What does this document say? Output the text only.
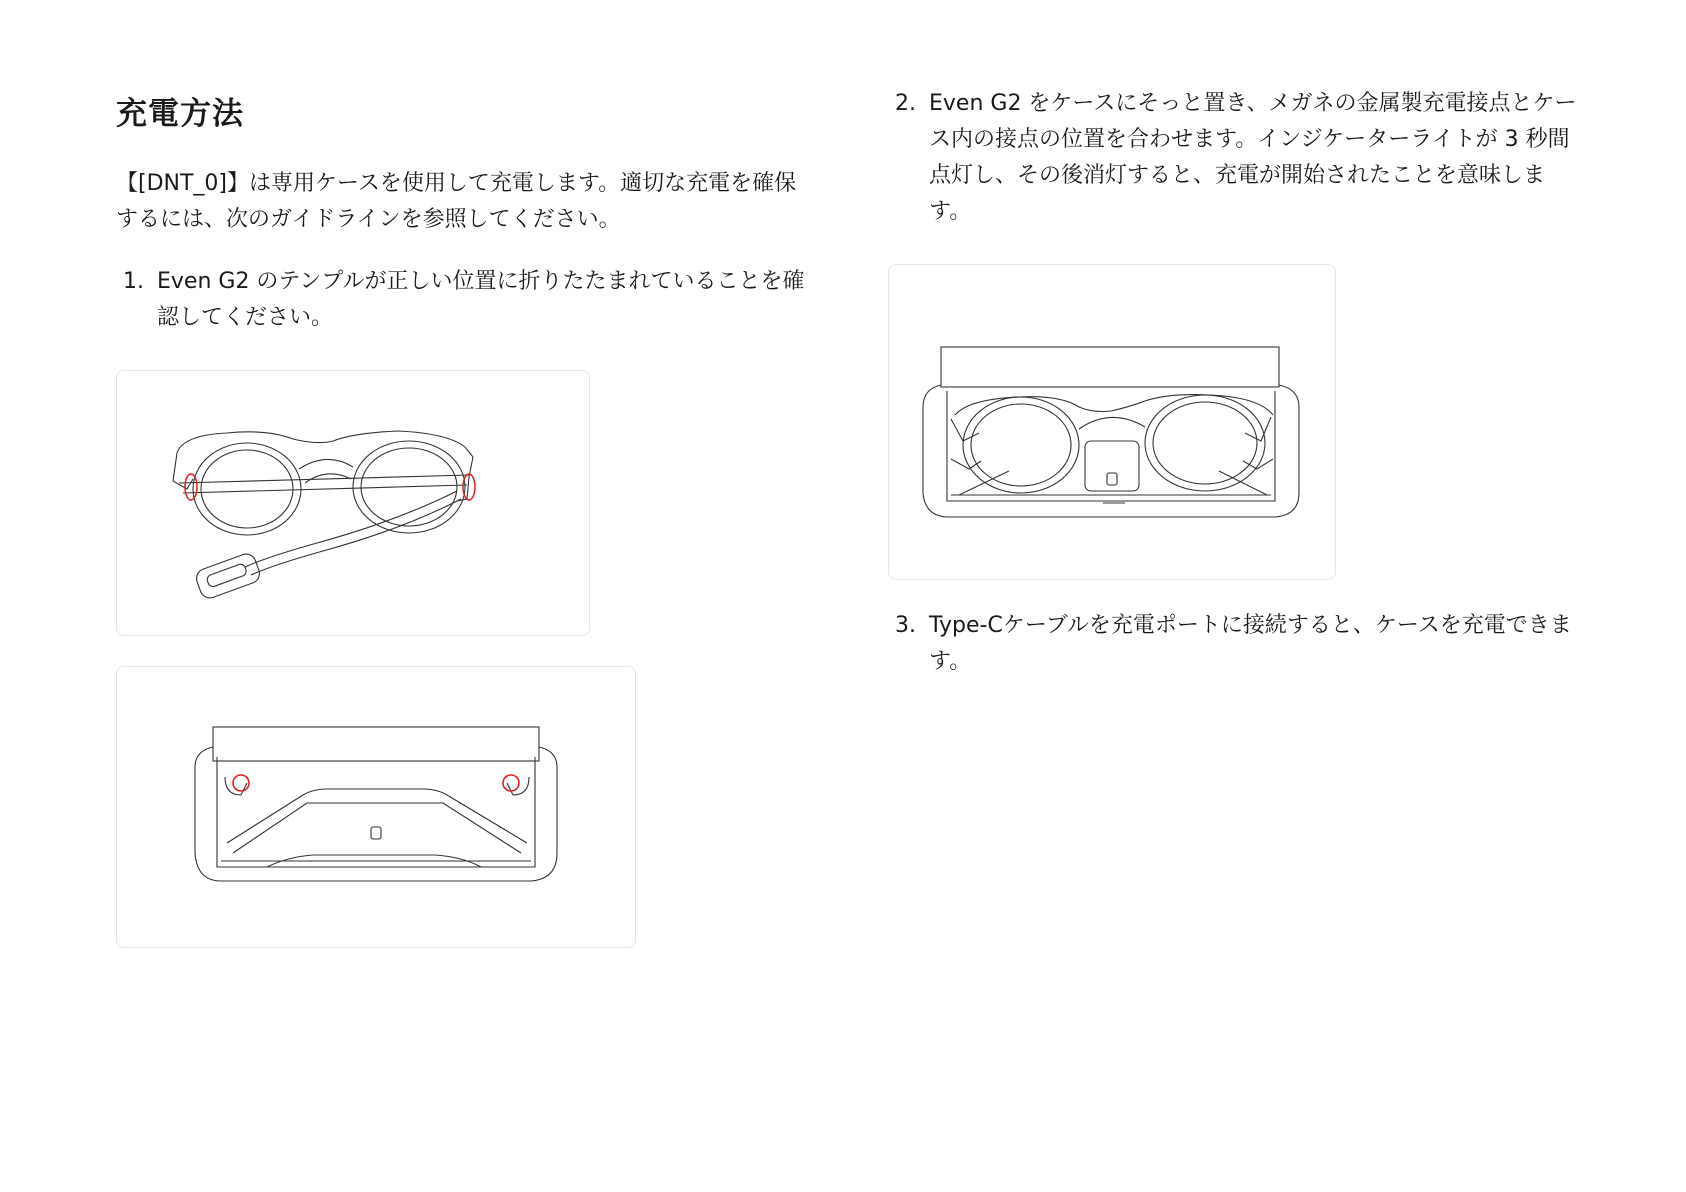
充電方法

【[DNT_0]】は専用ケースを使用して充電します。適切な充電を確保するには、次のガイドラインを参照してください。

1. Even G2 のテンプルが正しい位置に折りたたまれていることを確認してください。
2. Even G2 をケースにそっと置き、メガネの金属製充電接点とケース内の接点の位置を合わせます。インジケーターライトが 3 秒間点灯し、その後消灯すると、充電が開始されたことを意味します。
3. Type-Cケーブルを充電ポートに接続すると、ケースを充電できます。
